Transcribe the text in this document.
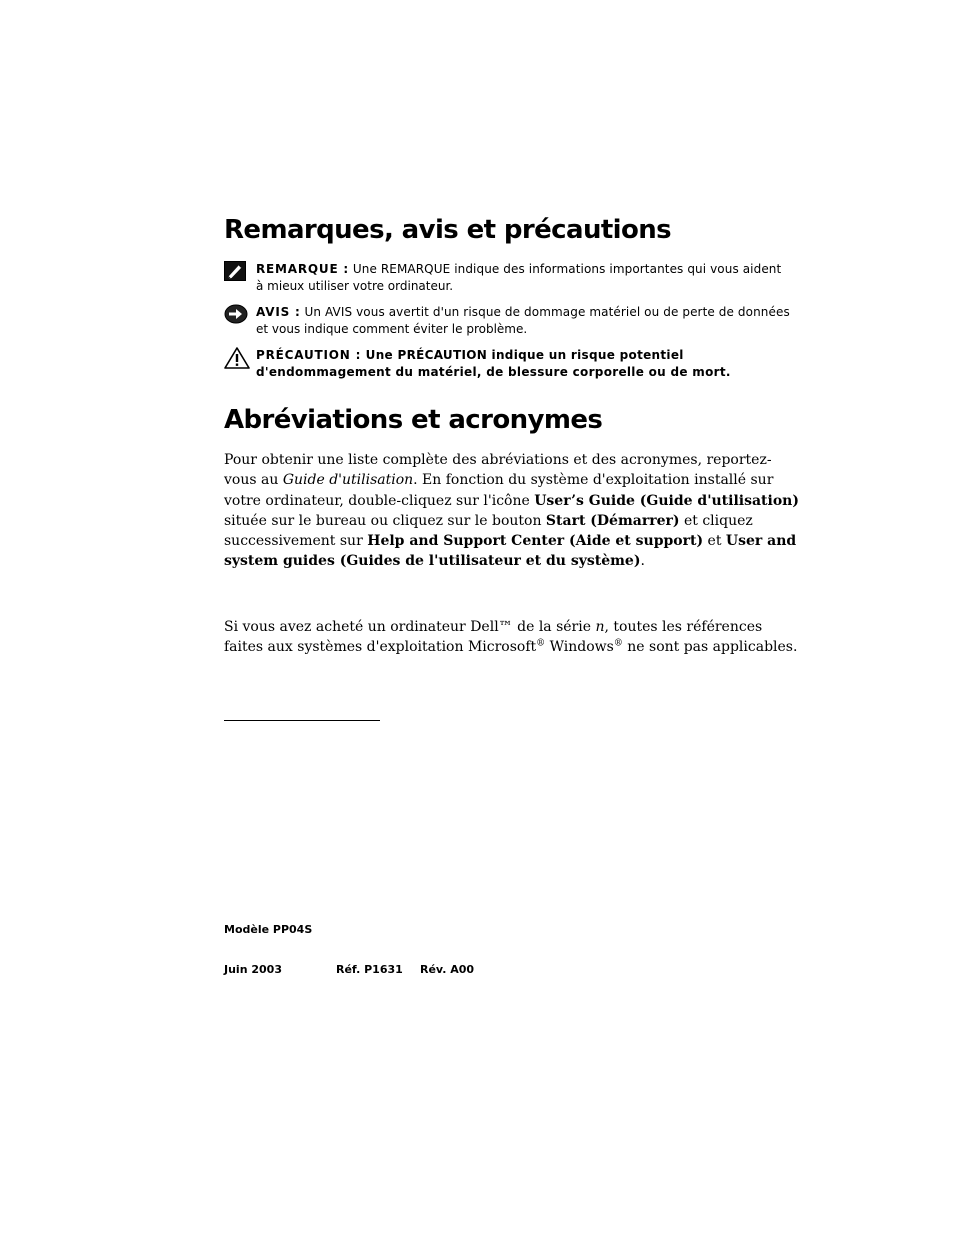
Remarques, avis et précautions
REMARQUE : Une REMARQUE indique des informations importantes qui vous aident
à mieux utiliser votre ordinateur.
AVIS : Un AVIS vous avertit d'un risque de dommage matériel ou de perte de données
et vous indique comment éviter le problème.
PRÉCAUTION : Une PRÉCAUTION indique un risque potentiel
d'endommagement du matériel, de blessure corporelle ou de mort.
Abréviations et acronymes

Pour obtenir une liste complète des abréviations et des acronymes, reportez-vous au Guide d'utilisation. En fonction du système d'exploitation installé sur votre ordinateur, double-cliquez sur l'icône User’s Guide (Guide d'utilisation) située sur le bureau ou cliquez sur le bouton Start (Démarrer) et cliquez successivement sur Help and Support Center (Aide et support) et User and system guides (Guides de l'utilisateur et du système).

Si vous avez acheté un ordinateur Dell™ de la série n, toutes les références faites aux systèmes d'exploitation Microsoft® Windows® ne sont pas applicables.

Modèle PP04S
Juin 2003	Réf. P1631 Rév. A00
